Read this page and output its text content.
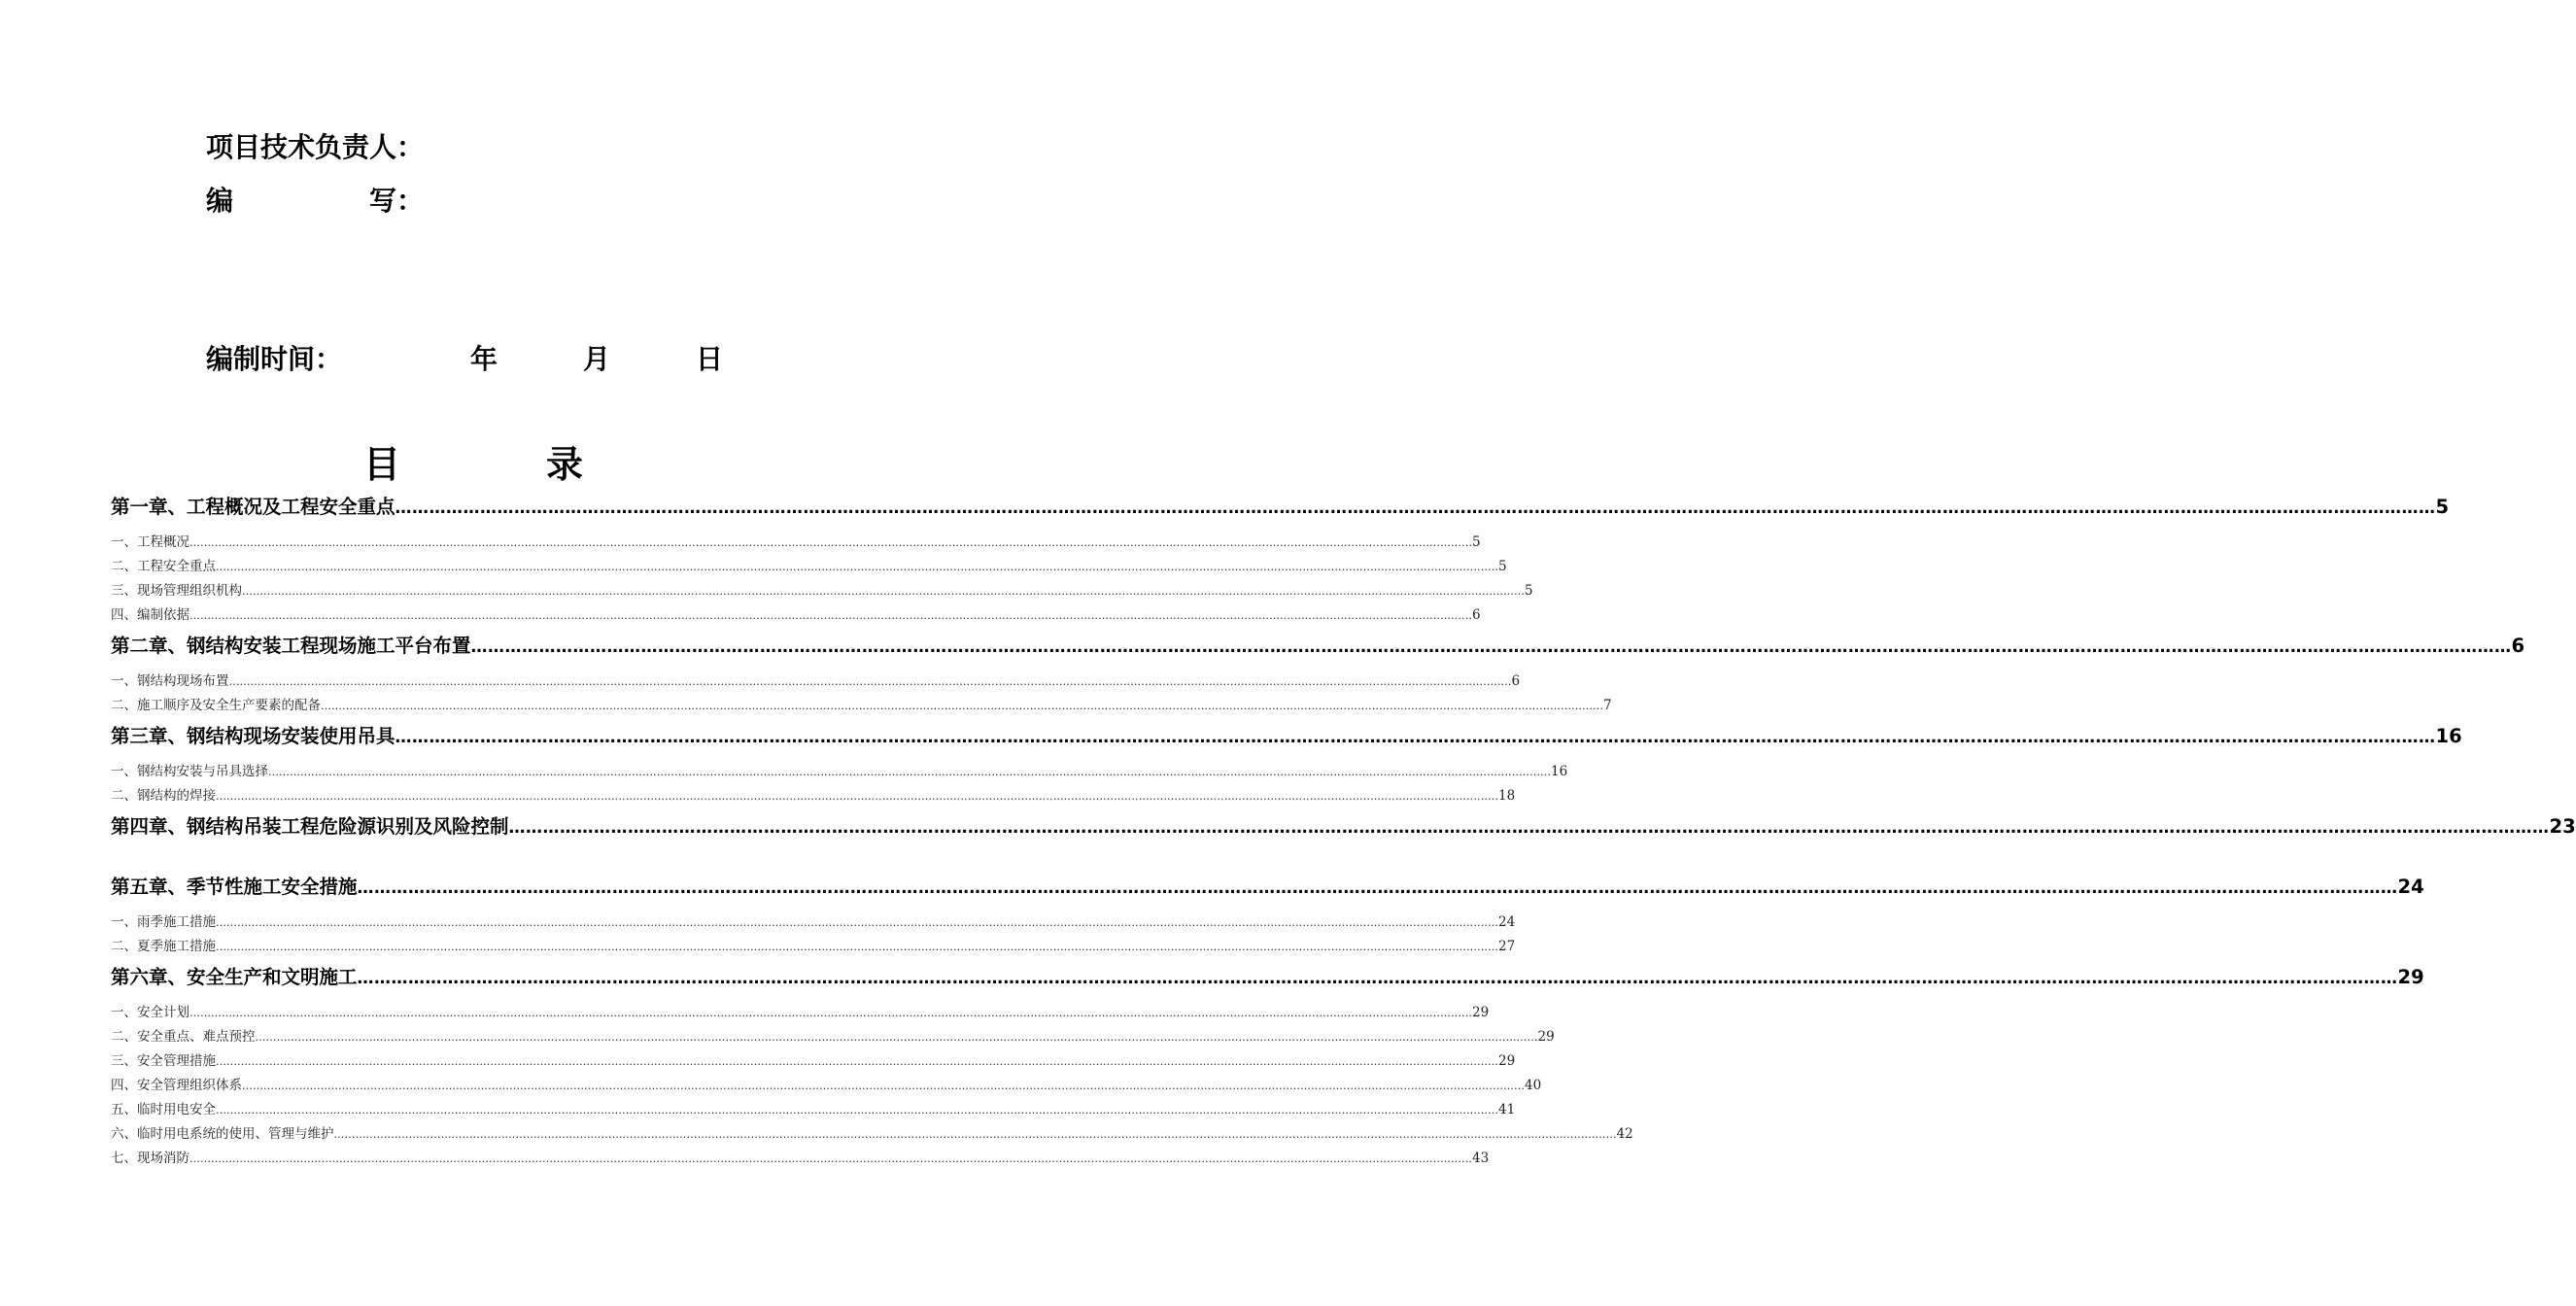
项目技术负责人：
编	写：
编制时间：	年	月	日
目	录
第一章、工程概况及工程安全重点 ……………………………………………………………………………………………………………………………………………………………………………………………………………………………………………………………………………………………………………………………… 5
一、工程概况 ……………………………………………………………………………………………………………………………………………………………………………………………………………………………………………………………………………………………………………………………… 5
二、工程安全重点 ……………………………………………………………………………………………………………………………………………………………………………………………………………………………………………………………………………………………………………………………… 5
三、现场管理组织机构 ……………………………………………………………………………………………………………………………………………………………………………………………………………………………………………………………………………………………………………………………… 5
四、编制依据 ……………………………………………………………………………………………………………………………………………………………………………………………………………………………………………………………………………………………………………………………… 6
第二章、钢结构安装工程现场施工平台布置 ……………………………………………………………………………………………………………………………………………………………………………………………………………………………………………………………………………………………………………………………… 6
一、钢结构现场布置 ……………………………………………………………………………………………………………………………………………………………………………………………………………………………………………………………………………………………………………………………… 6
二、施工顺序及安全生产要素的配备 ……………………………………………………………………………………………………………………………………………………………………………………………………………………………………………………………………………………………………………………………… 7
第三章、钢结构现场安装使用吊具 ……………………………………………………………………………………………………………………………………………………………………………………………………………………………………………………………………………………………………………………………… 16
一、钢结构安装与吊具选择 ……………………………………………………………………………………………………………………………………………………………………………………………………………………………………………………………………………………………………………………………… 16
二、钢结构的焊接 ……………………………………………………………………………………………………………………………………………………………………………………………………………………………………………………………………………………………………………………………… 18
第四章、钢结构吊装工程危险源识别及风险控制 ……………………………………………………………………………………………………………………………………………………………………………………………………………………………………………………………………………………………………………………………… 23
第五章、季节性施工安全措施 ……………………………………………………………………………………………………………………………………………………………………………………………………………………………………………………………………………………………………………………………… 24
一、雨季施工措施 ……………………………………………………………………………………………………………………………………………………………………………………………………………………………………………………………………………………………………………………………… 24
二、夏季施工措施 ……………………………………………………………………………………………………………………………………………………………………………………………………………………………………………………………………………………………………………………………… 27
第六章、安全生产和文明施工 ……………………………………………………………………………………………………………………………………………………………………………………………………………………………………………………………………………………………………………………………… 29
一、安全计划 ……………………………………………………………………………………………………………………………………………………………………………………………………………………………………………………………………………………………………………………………… 29
二、安全重点、难点预控 ……………………………………………………………………………………………………………………………………………………………………………………………………………………………………………………………………………………………………………………………… 29
三、安全管理措施 ……………………………………………………………………………………………………………………………………………………………………………………………………………………………………………………………………………………………………………………………… 29
四、安全管理组织体系 ……………………………………………………………………………………………………………………………………………………………………………………………………………………………………………………………………………………………………………………………… 40
五、临时用电安全 ……………………………………………………………………………………………………………………………………………………………………………………………………………………………………………………………………………………………………………………………… 41
六、临时用电系统的使用、管理与维护 ……………………………………………………………………………………………………………………………………………………………………………………………………………………………………………………………………………………………………………………………… 42
七、现场消防 ……………………………………………………………………………………………………………………………………………………………………………………………………………………………………………………………………………………………………………………………… 43
